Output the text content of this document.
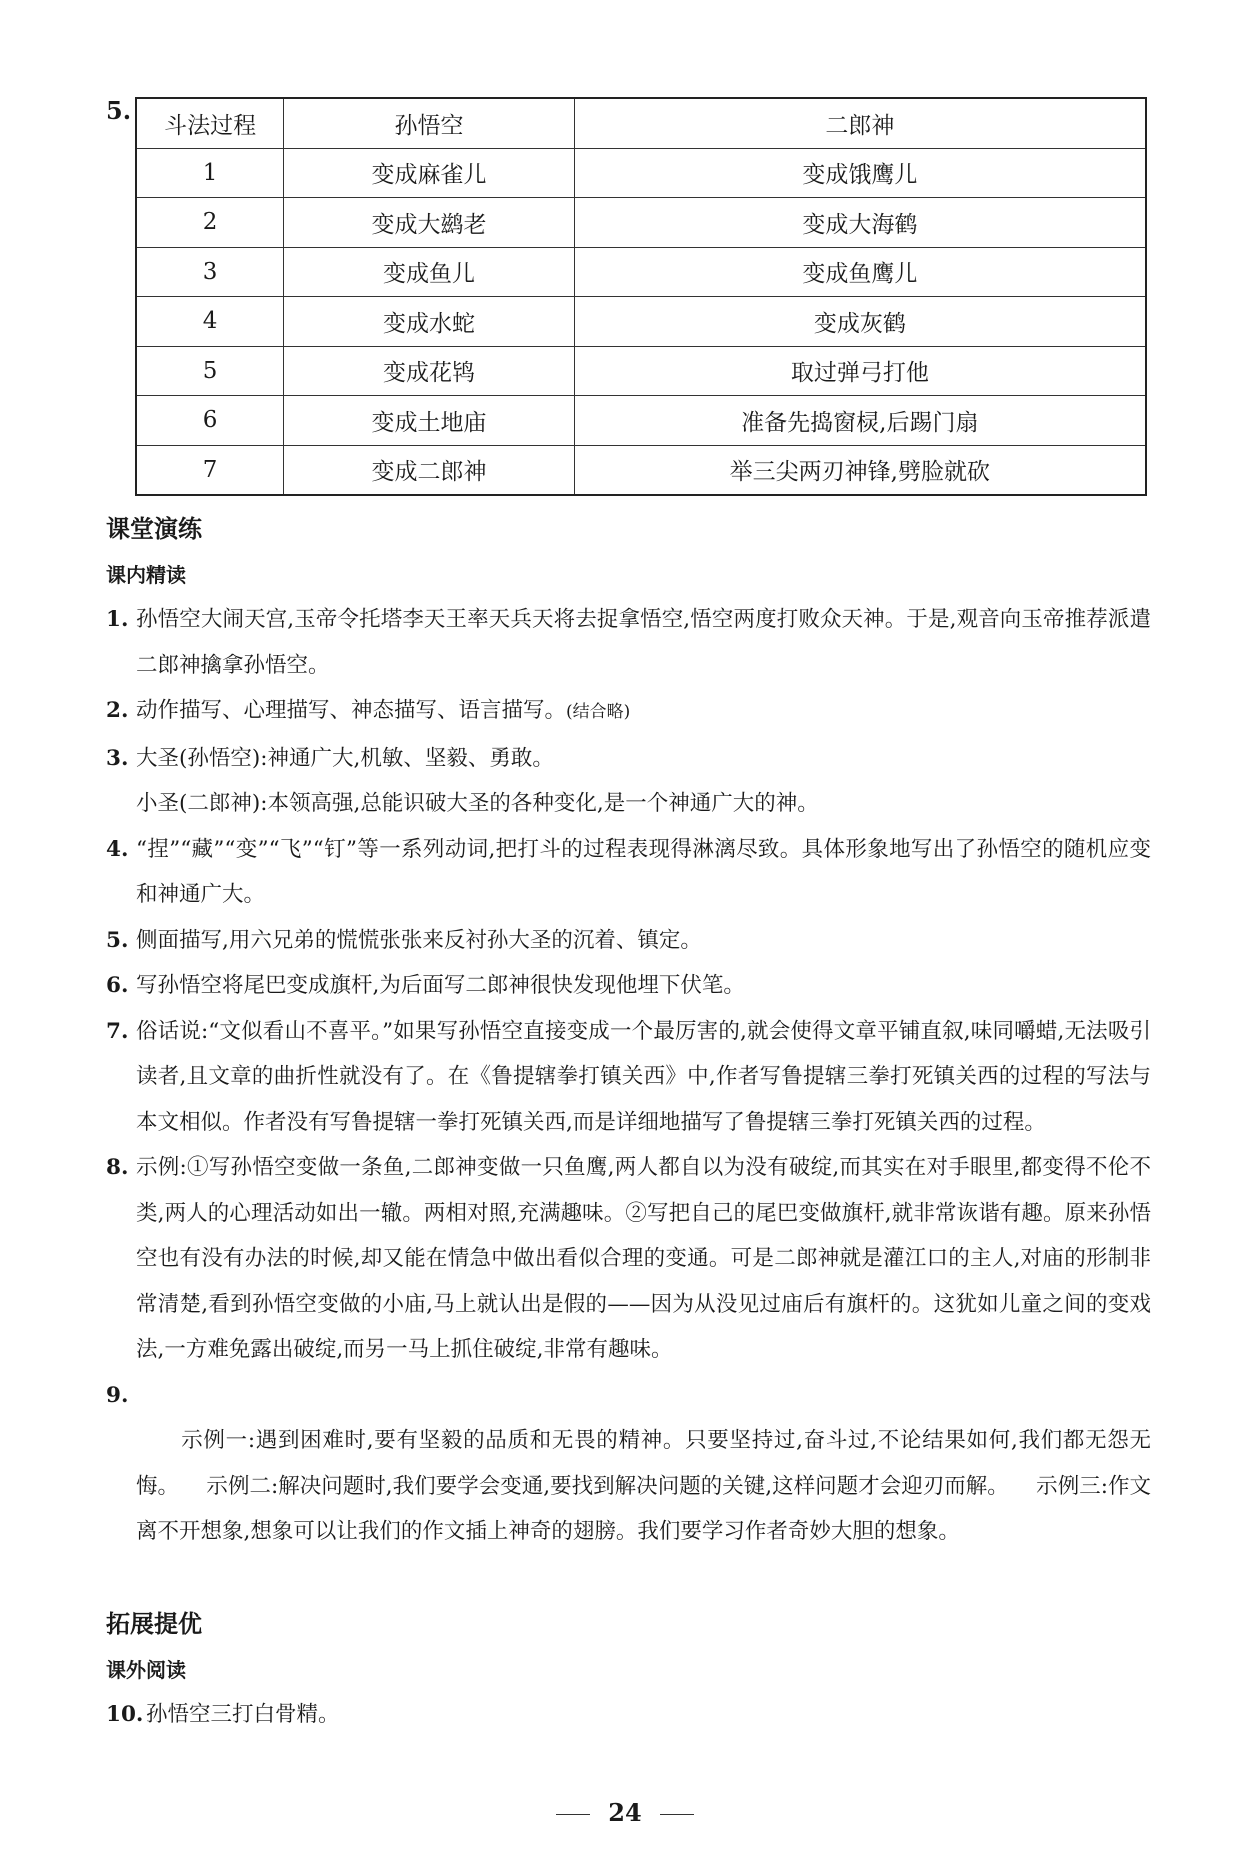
5.
斗法过程	孙悟空	二郎神
1	变成麻雀儿	变成饿鹰儿
2	变成大鹚老	变成大海鹤
3	变成鱼儿	变成鱼鹰儿
4	变成水蛇	变成灰鹤
5	变成花鸨	取过弹弓打他
6	变成土地庙	准备先捣窗棂,后踢门扇
7	变成二郎神	举三尖两刃神锋,劈脸就砍
课堂演练
课内精读
1. 孙悟空大闹天宫,玉帝令托塔李天王率天兵天将去捉拿悟空,悟空两度打败众天神。于是,观音向玉帝推荐派遣二郎神擒拿孙悟空。
2. 动作描写、心理描写、神态描写、语言描写。(结合略)
3. 大圣(孙悟空):神通广大,机敏、坚毅、勇敢。
小圣(二郎神):本领高强,总能识破大圣的各种变化,是一个神通广大的神。
4. “捏”“藏”“变”“飞”“钉”等一系列动词,把打斗的过程表现得淋漓尽致。具体形象地写出了孙悟空的随机应变和神通广大。
5. 侧面描写,用六兄弟的慌慌张张来反衬孙大圣的沉着、镇定。
6. 写孙悟空将尾巴变成旗杆,为后面写二郎神很快发现他埋下伏笔。
7. 俗话说:“文似看山不喜平。”如果写孙悟空直接变成一个最厉害的,就会使得文章平铺直叙,味同嚼蜡,无法吸引读者,且文章的曲折性就没有了。在《鲁提辖拳打镇关西》中,作者写鲁提辖三拳打死镇关西的过程的写法与本文相似。作者没有写鲁提辖一拳打死镇关西,而是详细地描写了鲁提辖三拳打死镇关西的过程。
8. 示例:①写孙悟空变做一条鱼,二郎神变做一只鱼鹰,两人都自以为没有破绽,而其实在对手眼里,都变得不伦不类,两人的心理活动如出一辙。两相对照,充满趣味。②写把自己的尾巴变做旗杆,就非常诙谐有趣。原来孙悟空也有没有办法的时候,却又能在情急中做出看似合理的变通。可是二郎神就是灌江口的主人,对庙的形制非常清楚,看到孙悟空变做的小庙,马上就认出是假的——因为从没见过庙后有旗杆的。这犹如儿童之间的变戏法,一方难免露出破绽,而另一马上抓住破绽,非常有趣味。

9.
示例一:遇到困难时,要有坚毅的品质和无畏的精神。只要坚持过,奋斗过,不论结果如何,我们都无怨无悔。    示例二:解决问题时,我们要学会变通,要找到解决问题的关键,这样问题才会迎刃而解。    示例三:作文离不开想象,想象可以让我们的作文插上神奇的翅膀。我们要学习作者奇妙大胆的想象。

拓展提优
课外阅读
10. 孙悟空三打白骨精。
24
